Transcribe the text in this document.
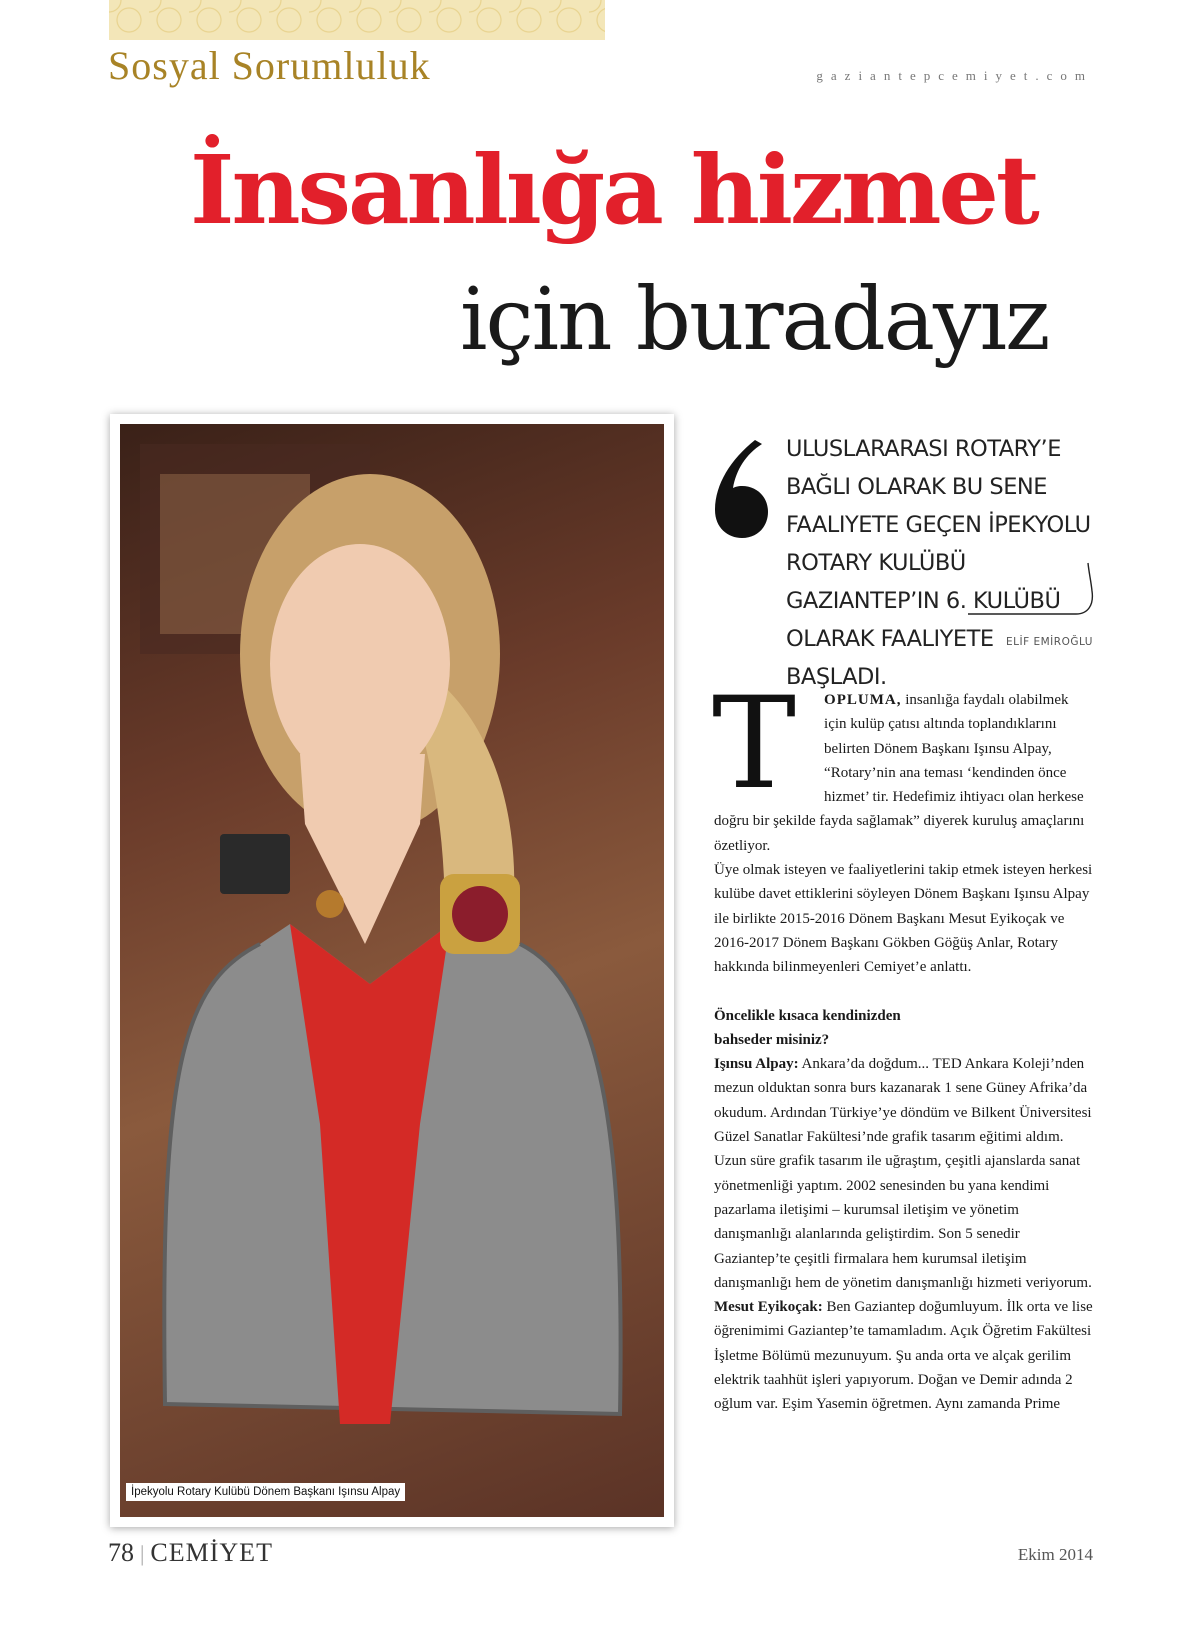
Sosyal Sorumluluk	gaziantepcemiyet.com
İnsanlığa hizmet
için buradayız
İpekyolu Rotary Kulübü Dönem Başkanı Işınsu Alpay

ULUSLARARASI ROTARY’E BAĞLI OLARAK BU SENE FAALIYETE GEÇEN İPEKYOLU ROTARY KULÜBÜ GAZIANTEP’IN 6. KULÜBÜ OLARAK FAALIYETE BAŞLADI.

ELİF EMİROĞLU

T OPLUMA, insanlığa faydalı olabilmek için kulüp çatısı altında toplandıklarını belirten Dönem Başkanı Işınsu Alpay, “Rotary’nin ana teması ‘kendinden önce hizmet’ tir. Hedefimiz ihtiyacı olan herkese doğru bir şekilde fayda sağlamak” diyerek kuruluş amaçlarını özetliyor.

Üye olmak isteyen ve faaliyetlerini takip etmek isteyen herkesi kulübe davet ettiklerini söyleyen Dönem Başkanı Işınsu Alpay ile birlikte 2015-2016 Dönem Başkanı Mesut Eyikoçak ve 2016-2017 Dönem Başkanı Gökben Göğüş Anlar, Rotary hakkında bilinmeyenleri Cemiyet’e anlattı.

Öncelikle kısaca kendinizden bahseder misiniz?

Işınsu Alpay: Ankara’da doğdum... TED Ankara Koleji’nden mezun olduktan sonra burs kazanarak 1 sene Güney Afrika’da okudum. Ardından Türkiye’ye döndüm ve Bilkent Üniversitesi Güzel Sanatlar Fakültesi’nde grafik tasarım eğitimi aldım. Uzun süre grafik tasarım ile uğraştım, çeşitli ajanslarda sanat yönetmenliği yaptım. 2002 senesinden bu yana kendimi pazarlama iletişimi – kurumsal iletişim ve yönetim danışmanlığı alanlarında geliştirdim. Son 5 senedir Gaziantep’te çeşitli firmalara hem kurumsal iletişim danışmanlığı hem de yönetim danışmanlığı hizmeti veriyorum.

Mesut Eyikoçak: Ben Gaziantep doğumluyum. İlk orta ve lise öğrenimimi Gaziantep’te tamamladım. Açık Öğretim Fakültesi İşletme Bölümü mezunuyum. Şu anda orta ve alçak gerilim elektrik taahhüt işleri yapıyorum. Doğan ve Demir adında 2 oğlum var. Eşim Yasemin öğretmen. Aynı zamanda Prime

78 | CEMİYET	Ekim 2014
